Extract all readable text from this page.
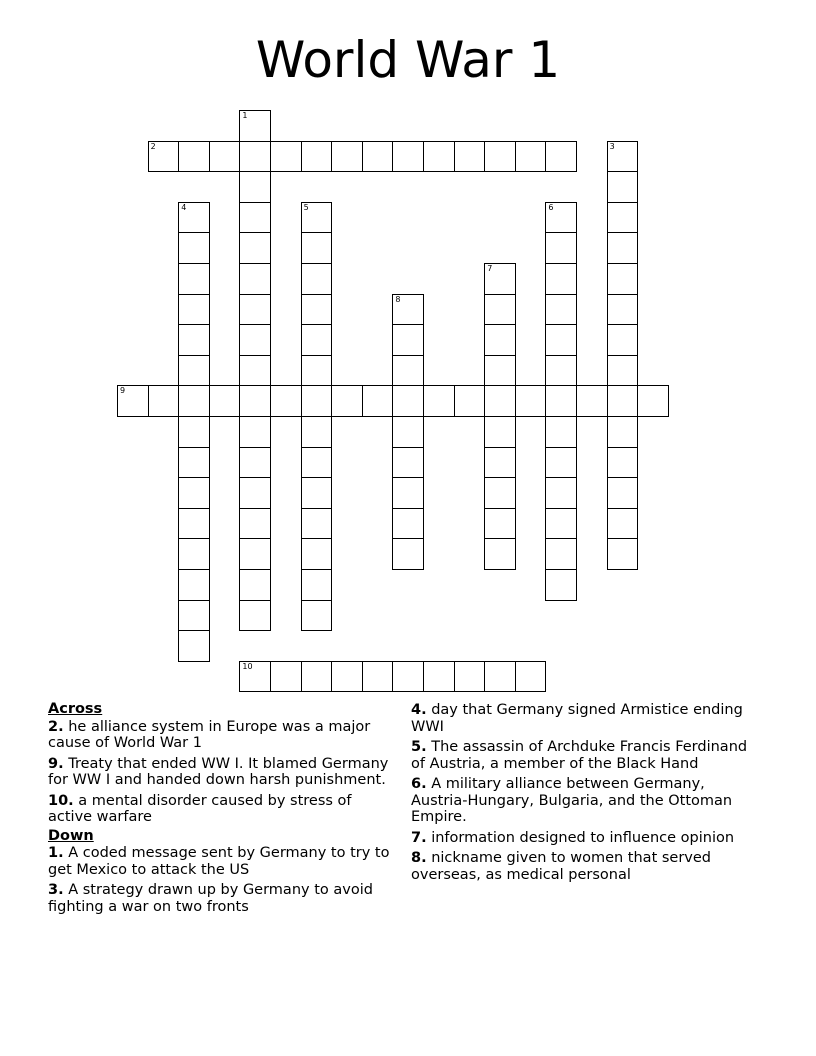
World War 1
1
2	3
4	5	6
7
8
9
10
Across
2. he alliance system in Europe was a major cause of World War 1
9. Treaty that ended WW I. It blamed Germany for WW I and handed down harsh punishment.
10. a mental disorder caused by stress of active warfare
Down
1. A coded message sent by Germany to try to get Mexico to attack the US
3. A strategy drawn up by Germany to avoid fighting a war on two fronts
4. day that Germany signed Armistice ending WWI
5. The assassin of Archduke Francis Ferdinand of Austria, a member of the Black Hand
6. A military alliance between Germany, Austria-Hungary, Bulgaria, and the Ottoman Empire.
7. information designed to influence opinion
8. nickname given to women that served overseas, as medical personal
